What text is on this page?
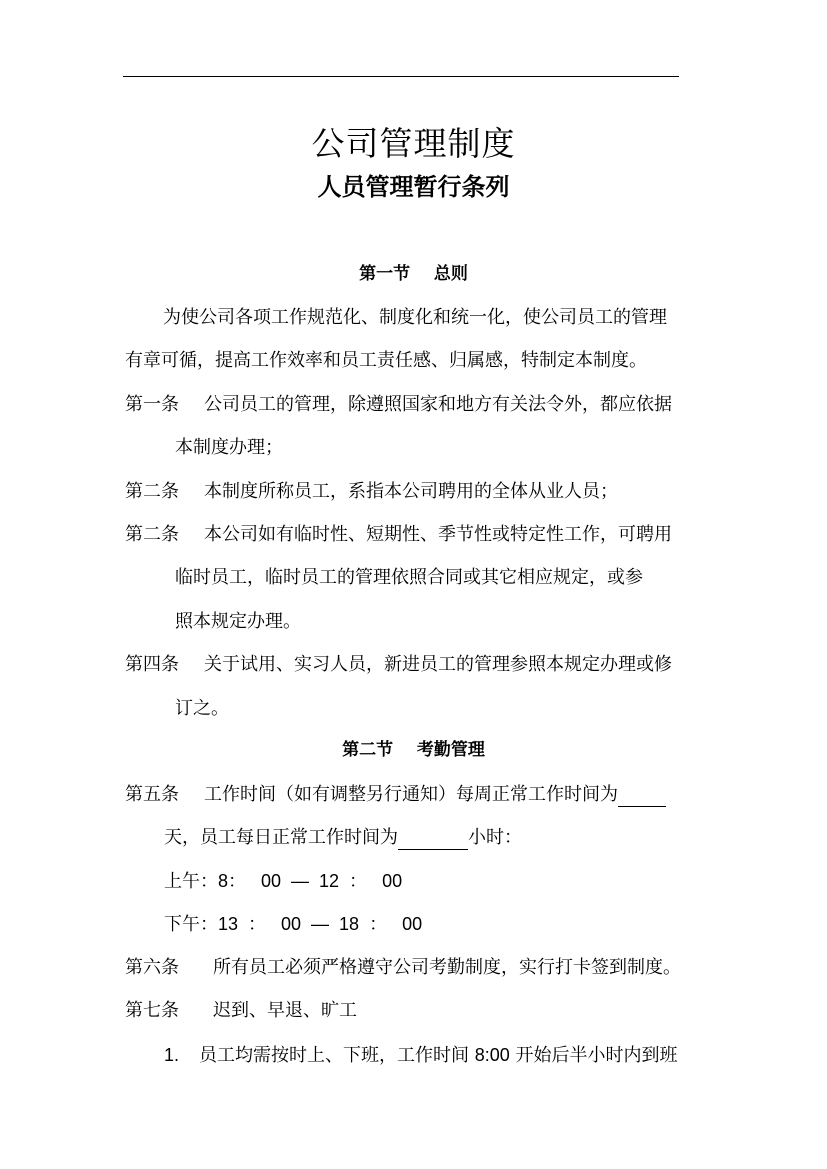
公司管理制度
人员管理暂行条列
第一节    总则
为使公司各项工作规范化、制度化和统一化，使公司员工的管理
有章可循，提高工作效率和员工责任感、归属感，特制定本制度。
第一条 公司员工的管理，除遵照国家和地方有关法令外，都应依据
本制度办理；
第二条 本制度所称员工，系指本公司聘用的全体从业人员；
第二条 本公司如有临时性、短期性、季节性或特定性工作，可聘用
临时员工，临时员工的管理依照合同或其它相应规定，或参
照本规定办理。
第四条 关于试用、实习人员，新进员工的管理参照本规定办理或修
订之。
第二节    考勤管理
第五条 工作时间（如有调整另行通知）每周正常工作时间为
天，员工每日正常工作时间为	小时：
上午：8：   00  —  12  ：   00
下午：13  ：   00  —  18  ：   00
第六条 所有员工必须严格遵守公司考勤制度，实行打卡签到制度。
第七条 迟到、早退、旷工
1. 员工均需按时上、下班，工作时间 8:00 开始后半小时内到班
